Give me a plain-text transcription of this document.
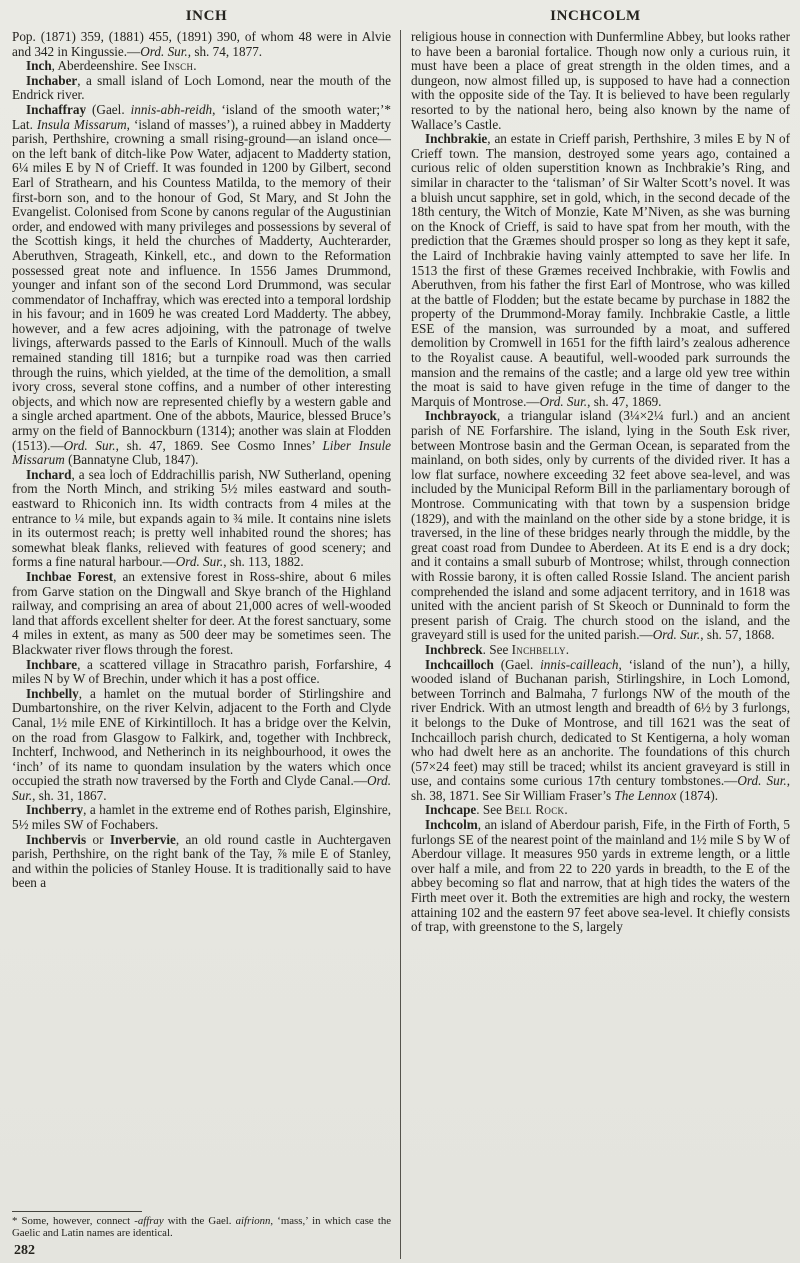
INCH	INCHCOLM

Pop. (1871) 359, (1881) 455, (1891) 390, of whom 48 were in Alvie and 342 in Kingussie.—Ord. Sur., sh. 74, 1877.

Inch, Aberdeenshire. See Insch.

Inchaber, a small island of Loch Lomond, near the mouth of the Endrick river.

Inchaffray (Gael. innis-abh-reidh, ‘island of the smooth water;’* Lat. Insula Missarum, ‘island of masses’), a ruined abbey in Madderty parish, Perthshire, crowning a small rising-ground—an island once—on the left bank of ditch-like Pow Water, adjacent to Madderty station, 6¼ miles E by N of Crieff. It was founded in 1200 by Gilbert, second Earl of Strathearn, and his Countess Matilda, to the memory of their first-born son, and to the honour of God, St Mary, and St John the Evangelist. Colonised from Scone by canons regular of the Augustinian order, and endowed with many privileges and possessions by several of the Scottish kings, it held the churches of Madderty, Auchterarder, Aberuthven, Strageath, Kinkell, etc., and down to the Reformation possessed great note and influence. In 1556 James Drummond, younger and infant son of the second Lord Drummond, was secular commendator of Inchaffray, which was erected into a temporal lordship in his favour; and in 1609 he was created Lord Madderty. The abbey, however, and a few acres adjoining, with the patronage of twelve livings, afterwards passed to the Earls of Kinnoull. Much of the walls remained standing till 1816; but a turnpike road was then carried through the ruins, which yielded, at the time of the demolition, a small ivory cross, several stone coffins, and a number of other interesting objects, and which now are represented chiefly by a western gable and a single arched apartment. One of the abbots, Maurice, blessed Bruce’s army on the field of Bannockburn (1314); another was slain at Flodden (1513).—Ord. Sur., sh. 47, 1869. See Cosmo Innes’ Liber Insule Missarum (Bannatyne Club, 1847).

Inchard, a sea loch of Eddrachillis parish, NW Sutherland, opening from the North Minch, and striking 5½ miles eastward and south-eastward to Rhiconich inn. Its width contracts from 4 miles at the entrance to ¼ mile, but expands again to ¾ mile. It contains nine islets in its outermost reach; is pretty well inhabited round the shores; has somewhat bleak flanks, relieved with features of good scenery; and forms a fine natural harbour.—Ord. Sur., sh. 113, 1882.

Inchbae Forest, an extensive forest in Ross-shire, about 6 miles from Garve station on the Dingwall and Skye branch of the Highland railway, and comprising an area of about 21,000 acres of well-wooded land that affords excellent shelter for deer. At the forest sanctuary, some 4 miles in extent, as many as 500 deer may be sometimes seen. The Blackwater river flows through the forest.

Inchbare, a scattered village in Stracathro parish, Forfarshire, 4 miles N by W of Brechin, under which it has a post office.

Inchbelly, a hamlet on the mutual border of Stirlingshire and Dumbartonshire, on the river Kelvin, adjacent to the Forth and Clyde Canal, 1½ mile ENE of Kirkintilloch. It has a bridge over the Kelvin, on the road from Glasgow to Falkirk, and, together with Inchbreck, Inchterf, Inchwood, and Netherinch in its neighbourhood, it owes the ‘inch’ of its name to quondam insulation by the waters which once occupied the strath now traversed by the Forth and Clyde Canal.—Ord. Sur., sh. 31, 1867.

Inchberry, a hamlet in the extreme end of Rothes parish, Elginshire, 5½ miles SW of Fochabers.

Inchbervis or Inverbervie, an old round castle in Auchtergaven parish, Perthshire, on the right bank of the Tay, ⅞ mile E of Stanley, and within the policies of Stanley House. It is traditionally said to have been a

* Some, however, connect -affray with the Gael. aifrionn, ‘mass,’ in which case the Gaelic and Latin names are identical.

282

religious house in connection with Dunfermline Abbey, but looks rather to have been a baronial fortalice. Though now only a curious ruin, it must have been a place of great strength in the olden times, and a dungeon, now almost filled up, is supposed to have had a connection with the opposite side of the Tay. It is believed to have been regularly resorted to by the national hero, being also known by the name of Wallace’s Castle.

Inchbrakie, an estate in Crieff parish, Perthshire, 3 miles E by N of Crieff town. The mansion, destroyed some years ago, contained a curious relic of olden superstition known as Inchbrakie’s Ring, and similar in character to the ‘talisman’ of Sir Walter Scott’s novel. It was a bluish uncut sapphire, set in gold, which, in the second decade of the 18th century, the Witch of Monzie, Kate M’Niven, as she was burning on the Knock of Crieff, is said to have spat from her mouth, with the prediction that the Græmes should prosper so long as they kept it safe, the Laird of Inchbrakie having vainly attempted to save her life. In 1513 the first of these Græmes received Inchbrakie, with Fowlis and Aberuthven, from his father the first Earl of Montrose, who was killed at the battle of Flodden; but the estate became by purchase in 1882 the property of the Drummond-Moray family. Inchbrakie Castle, a little ESE of the mansion, was surrounded by a moat, and suffered demolition by Cromwell in 1651 for the fifth laird’s zealous adherence to the Royalist cause. A beautiful, well-wooded park surrounds the mansion and the remains of the castle; and a large old yew tree within the moat is said to have given refuge in the time of danger to the Marquis of Montrose.—Ord. Sur., sh. 47, 1869.

Inchbrayock, a triangular island (3¼×2¼ furl.) and an ancient parish of NE Forfarshire. The island, lying in the South Esk river, between Montrose basin and the German Ocean, is separated from the mainland, on both sides, only by currents of the divided river. It has a low flat surface, nowhere exceeding 32 feet above sea-level, and was included by the Municipal Reform Bill in the parliamentary borough of Montrose. Communicating with that town by a suspension bridge (1829), and with the mainland on the other side by a stone bridge, it is traversed, in the line of these bridges nearly through the middle, by the great coast road from Dundee to Aberdeen. At its E end is a dry dock; and it contains a small suburb of Montrose; whilst, through connection with Rossie barony, it is often called Rossie Island. The ancient parish comprehended the island and some adjacent territory, and in 1618 was united with the ancient parish of St Skeoch or Dunninald to form the present parish of Craig. The church stood on the island, and the graveyard still is used for the united parish.—Ord. Sur., sh. 57, 1868.

Inchbreck. See Inchbelly.

Inchcailloch (Gael. innis-cailleach, ‘island of the nun’), a hilly, wooded island of Buchanan parish, Stirlingshire, in Loch Lomond, between Torrinch and Balmaha, 7 furlongs NW of the mouth of the river Endrick. With an utmost length and breadth of 6½ by 3 furlongs, it belongs to the Duke of Montrose, and till 1621 was the seat of Inchcailloch parish church, dedicated to St Kentigerna, a holy woman who had dwelt here as an anchorite. The foundations of this church (57×24 feet) may still be traced; whilst its ancient graveyard is still in use, and contains some curious 17th century tombstones.—Ord. Sur., sh. 38, 1871. See Sir William Fraser’s The Lennox (1874).

Inchcape. See Bell Rock.

Inchcolm, an island of Aberdour parish, Fife, in the Firth of Forth, 5 furlongs SE of the nearest point of the mainland and 1½ mile S by W of Aberdour village. It measures 950 yards in extreme length, or a little over half a mile, and from 22 to 220 yards in breadth, to the E of the abbey becoming so flat and narrow, that at high tides the waters of the Firth meet over it. Both the extremities are high and rocky, the western attaining 102 and the eastern 97 feet above sea-level. It chiefly consists of trap, with greenstone to the S, largely
